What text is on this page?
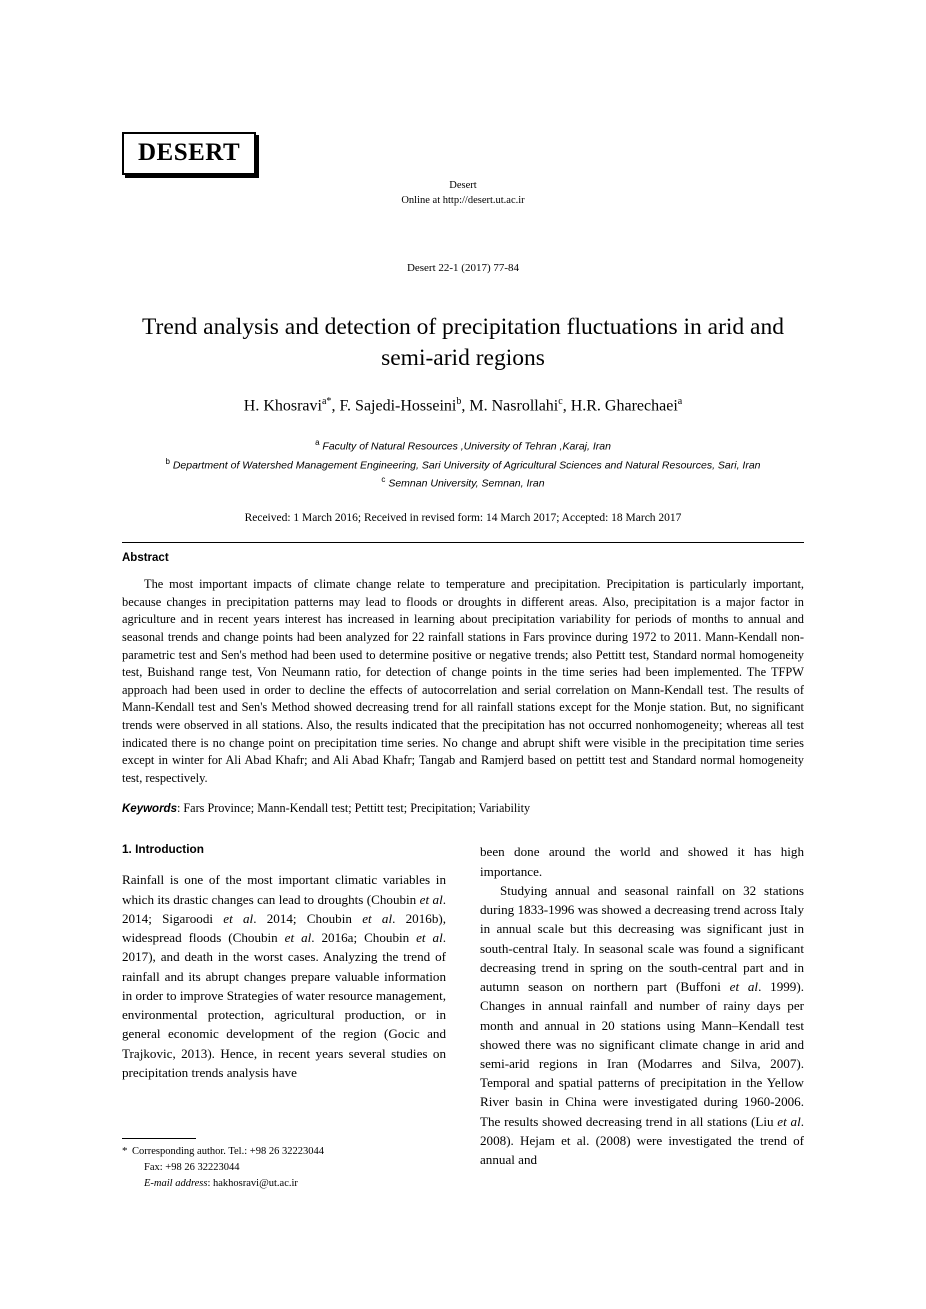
DESERT
Desert
Online at http://desert.ut.ac.ir
Desert 22-1 (2017) 77-84
Trend analysis and detection of precipitation fluctuations in arid and semi-arid regions
H. Khosravi$^{a*}$, F. Sajedi-Hosseini$^b$, M. Nasrollahi$^c$, H.R. Gharechaei$^a$
$^a$ Faculty of Natural Resources ,University of Tehran ,Karaj, Iran
$^b$ Department of Watershed Management Engineering, Sari University of Agricultural Sciences and Natural Resources, Sari, Iran
$^c$ Semnan University, Semnan, Iran
Received: 1 March 2016; Received in revised form: 14 March 2017; Accepted: 18 March 2017
Abstract
The most important impacts of climate change relate to temperature and precipitation. Precipitation is particularly important, because changes in precipitation patterns may lead to floods or droughts in different areas. Also, precipitation is a major factor in agriculture and in recent years interest has increased in learning about precipitation variability for periods of months to annual and seasonal trends and change points had been analyzed for 22 rainfall stations in Fars province during 1972 to 2011. Mann-Kendall non-parametric test and Sen's method had been used to determine positive or negative trends; also Pettitt test, Standard normal homogeneity test, Buishand range test, Von Neumann ratio, for detection of change points in the time series had been implemented. The TFPW approach had been used in order to decline the effects of autocorrelation and serial correlation on Mann-Kendall test. The results of Mann-Kendall test and Sen's Method showed decreasing trend for all rainfall stations except for the Monje station. But, no significant trends were observed in all stations. Also, the results indicated that the precipitation has not occurred nonhomogeneity; whereas all test indicated there is no change point on precipitation time series. No change and abrupt shift were visible in the precipitation time series except in winter for Ali Abad Khafr; and Ali Abad Khafr; Tangab and Ramjerd based on pettitt test and Standard normal homogeneity test, respectively.
Keywords: Fars Province; Mann-Kendall test; Pettitt test; Precipitation; Variability
1. Introduction

Rainfall is one of the most important climatic variables in which its drastic changes can lead to droughts (Choubin et al. 2014; Sigaroodi et al. 2014; Choubin et al. 2016b), widespread floods (Choubin et al. 2016a; Choubin et al. 2017), and death in the worst cases. Analyzing the trend of rainfall and its abrupt changes prepare valuable information in order to improve Strategies of water resource management, environmental protection, agricultural production, or in general economic development of the region (Gocic and Trajkovic, 2013). Hence, in recent years several studies on precipitation trends analysis have

been done around the world and showed it has high importance.

Studying annual and seasonal rainfall on 32 stations during 1833-1996 was showed a decreasing trend across Italy in annual scale but this decreasing was significant just in south-central Italy. In seasonal scale was found a significant decreasing trend in spring on the south-central part and in autumn season on northern part (Buffoni et al. 1999). Changes in annual rainfall and number of rainy days per month and annual in 20 stations using Mann–Kendall test showed there was no significant climate change in arid and semi-arid regions in Iran (Modarres and Silva, 2007). Temporal and spatial patterns of precipitation in the Yellow River basin in China were investigated during 1960-2006. The results showed decreasing trend in all stations (Liu et al. 2008). Hejam et al. (2008) were investigated the trend of annual and

* Corresponding author. Tel.: +98 26 32223044
Fax: +98 26 32223044
E-mail address: hakhosravi@ut.ac.ir
